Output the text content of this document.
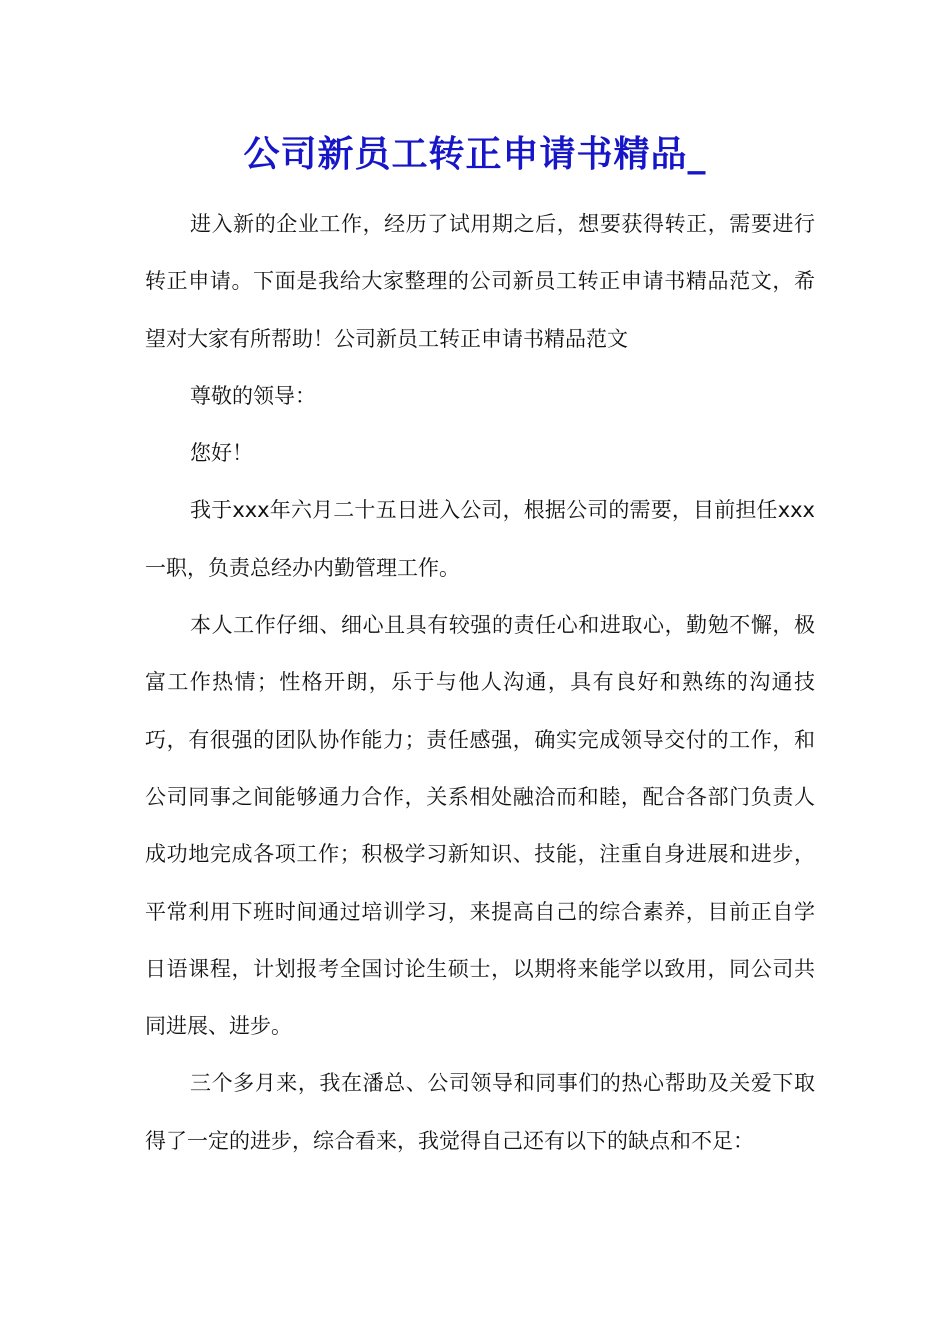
公司新员工转正申请书精品_

进入新的企业工作，经历了试用期之后，想要获得转正，需要进行转正申请。下面是我给大家整理的公司新员工转正申请书精品范文，希望对大家有所帮助！公司新员工转正申请书精品范文

尊敬的领导：

您好！

我于xxx年六月二十五日进入公司，根据公司的需要，目前担任xxx一职，负责总经办内勤管理工作。

本人工作仔细、细心且具有较强的责任心和进取心，勤勉不懈，极富工作热情；性格开朗，乐于与他人沟通，具有良好和熟练的沟通技巧，有很强的团队协作能力；责任感强，确实完成领导交付的工作，和公司同事之间能够通力合作，关系相处融洽而和睦，配合各部门负责人成功地完成各项工作；积极学习新知识、技能，注重自身进展和进步，平常利用下班时间通过培训学习，来提高自己的综合素养，目前正自学日语课程，计划报考全国讨论生硕士，以期将来能学以致用，同公司共同进展、进步。

三个多月来，我在潘总、公司领导和同事们的热心帮助及关爱下取得了一定的进步，综合看来，我觉得自己还有以下的缺点和不足：
